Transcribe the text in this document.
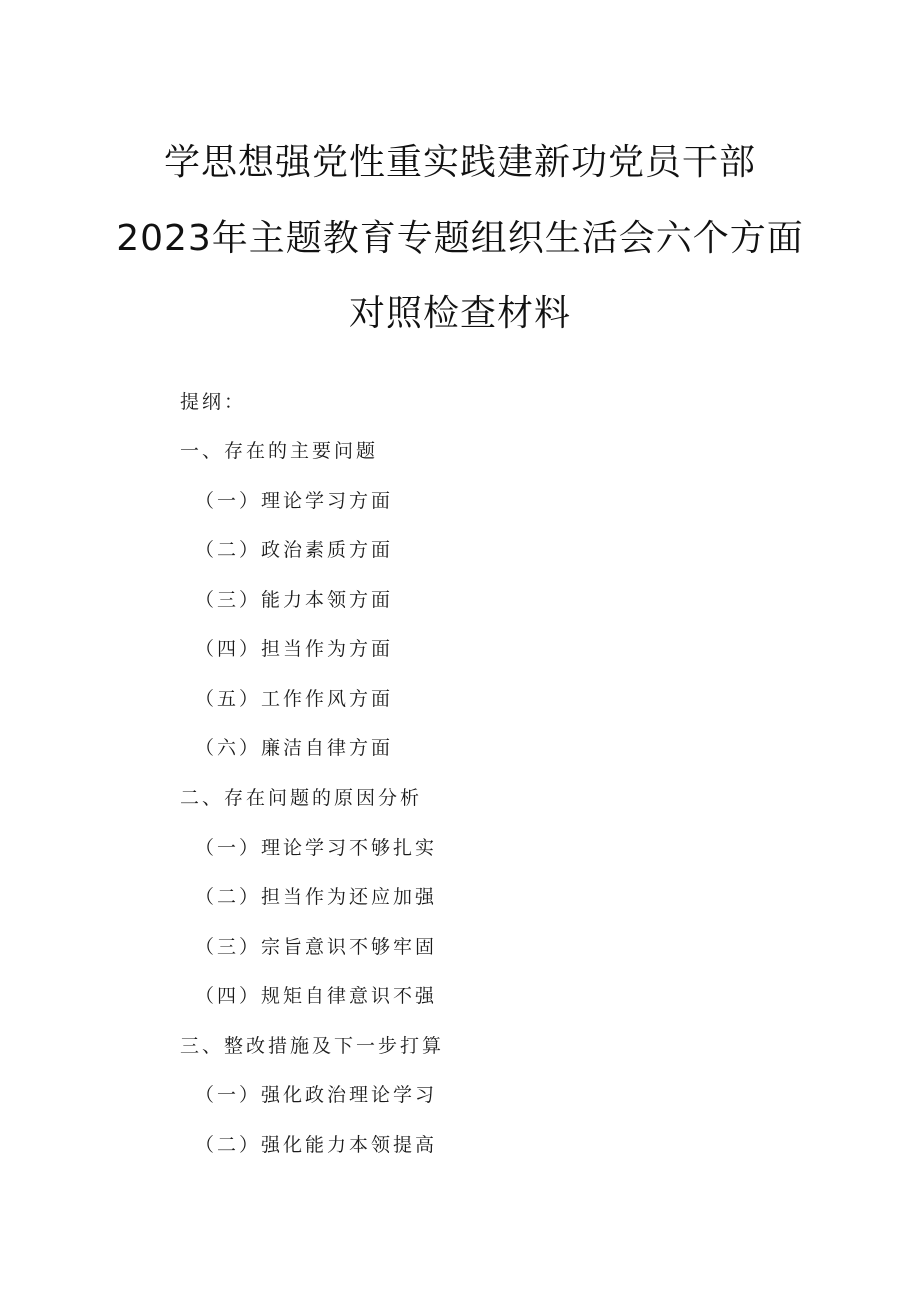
学思想强党性重实践建新功党员干部
2023年主题教育专题组织生活会六个方面
对照检查材料
提纲：
一、存在的主要问题
（一）理论学习方面
（二）政治素质方面
（三）能力本领方面
（四）担当作为方面
（五）工作作风方面
（六）廉洁自律方面
二、存在问题的原因分析
（一）理论学习不够扎实
（二）担当作为还应加强
（三）宗旨意识不够牢固
（四）规矩自律意识不强
三、整改措施及下一步打算
（一）强化政治理论学习
（二）强化能力本领提高
